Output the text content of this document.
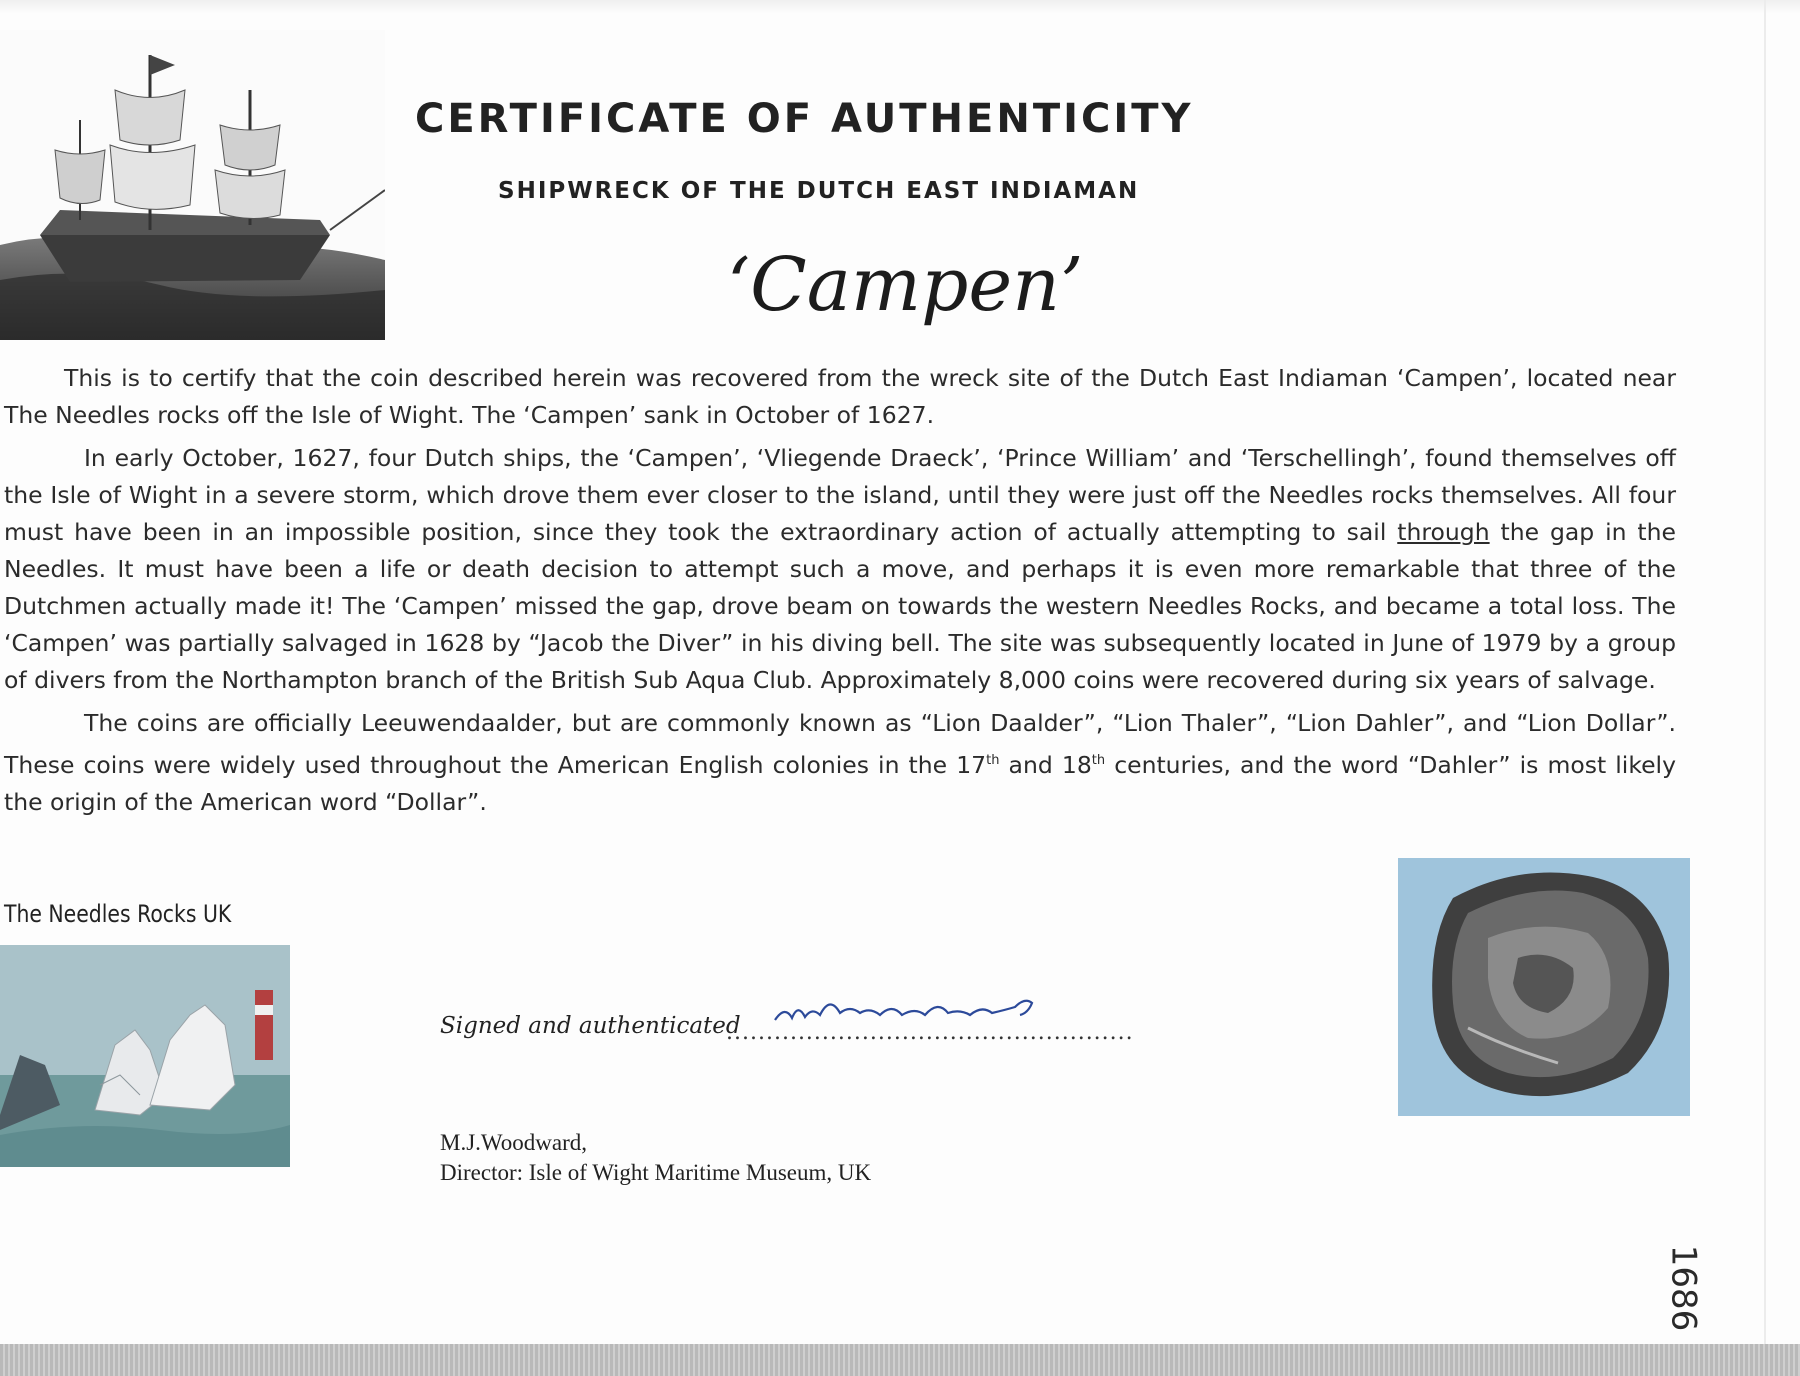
CERTIFICATE OF AUTHENTICITY
SHIPWRECK OF THE DUTCH EAST INDIAMAN
‘Campen’

This is to certify that the coin described herein was recovered from the wreck site of the Dutch East Indiaman ‘Campen’, located near The Needles rocks off the Isle of Wight. The ‘Campen’ sank in October of 1627.

In early October, 1627, four Dutch ships, the ‘Campen’, ‘Vliegende Draeck’, ‘Prince William’ and ‘Terschellingh’, found themselves off the Isle of Wight in a severe storm, which drove them ever closer to the island, until they were just off the Needles rocks themselves. All four must have been in an impossible position, since they took the extraordinary action of actually attempting to sail through the gap in the Needles. It must have been a life or death decision to attempt such a move, and perhaps it is even more remarkable that three of the Dutchmen actually made it! The ‘Campen’ missed the gap, drove beam on towards the western Needles Rocks, and became a total loss. The ‘Campen’ was partially salvaged in 1628 by “Jacob the Diver” in his diving bell. The site was subsequently located in June of 1979 by a group of divers from the Northampton branch of the British Sub Aqua Club. Approximately 8,000 coins were recovered during six years of salvage.

The coins are officially Leeuwendaalder, but are commonly known as “Lion Daalder”, “Lion Thaler”, “Lion Dahler”, and “Lion Dollar”. These coins were widely used throughout the American English colonies in the 17th and 18th centuries, and the word “Dahler” is most likely the origin of the American word “Dollar”.

The Needles Rocks UK
Signed and authenticated
...................................................
M.J.Woodward,
Director: Isle of Wight Maritime Museum, UK
1686
